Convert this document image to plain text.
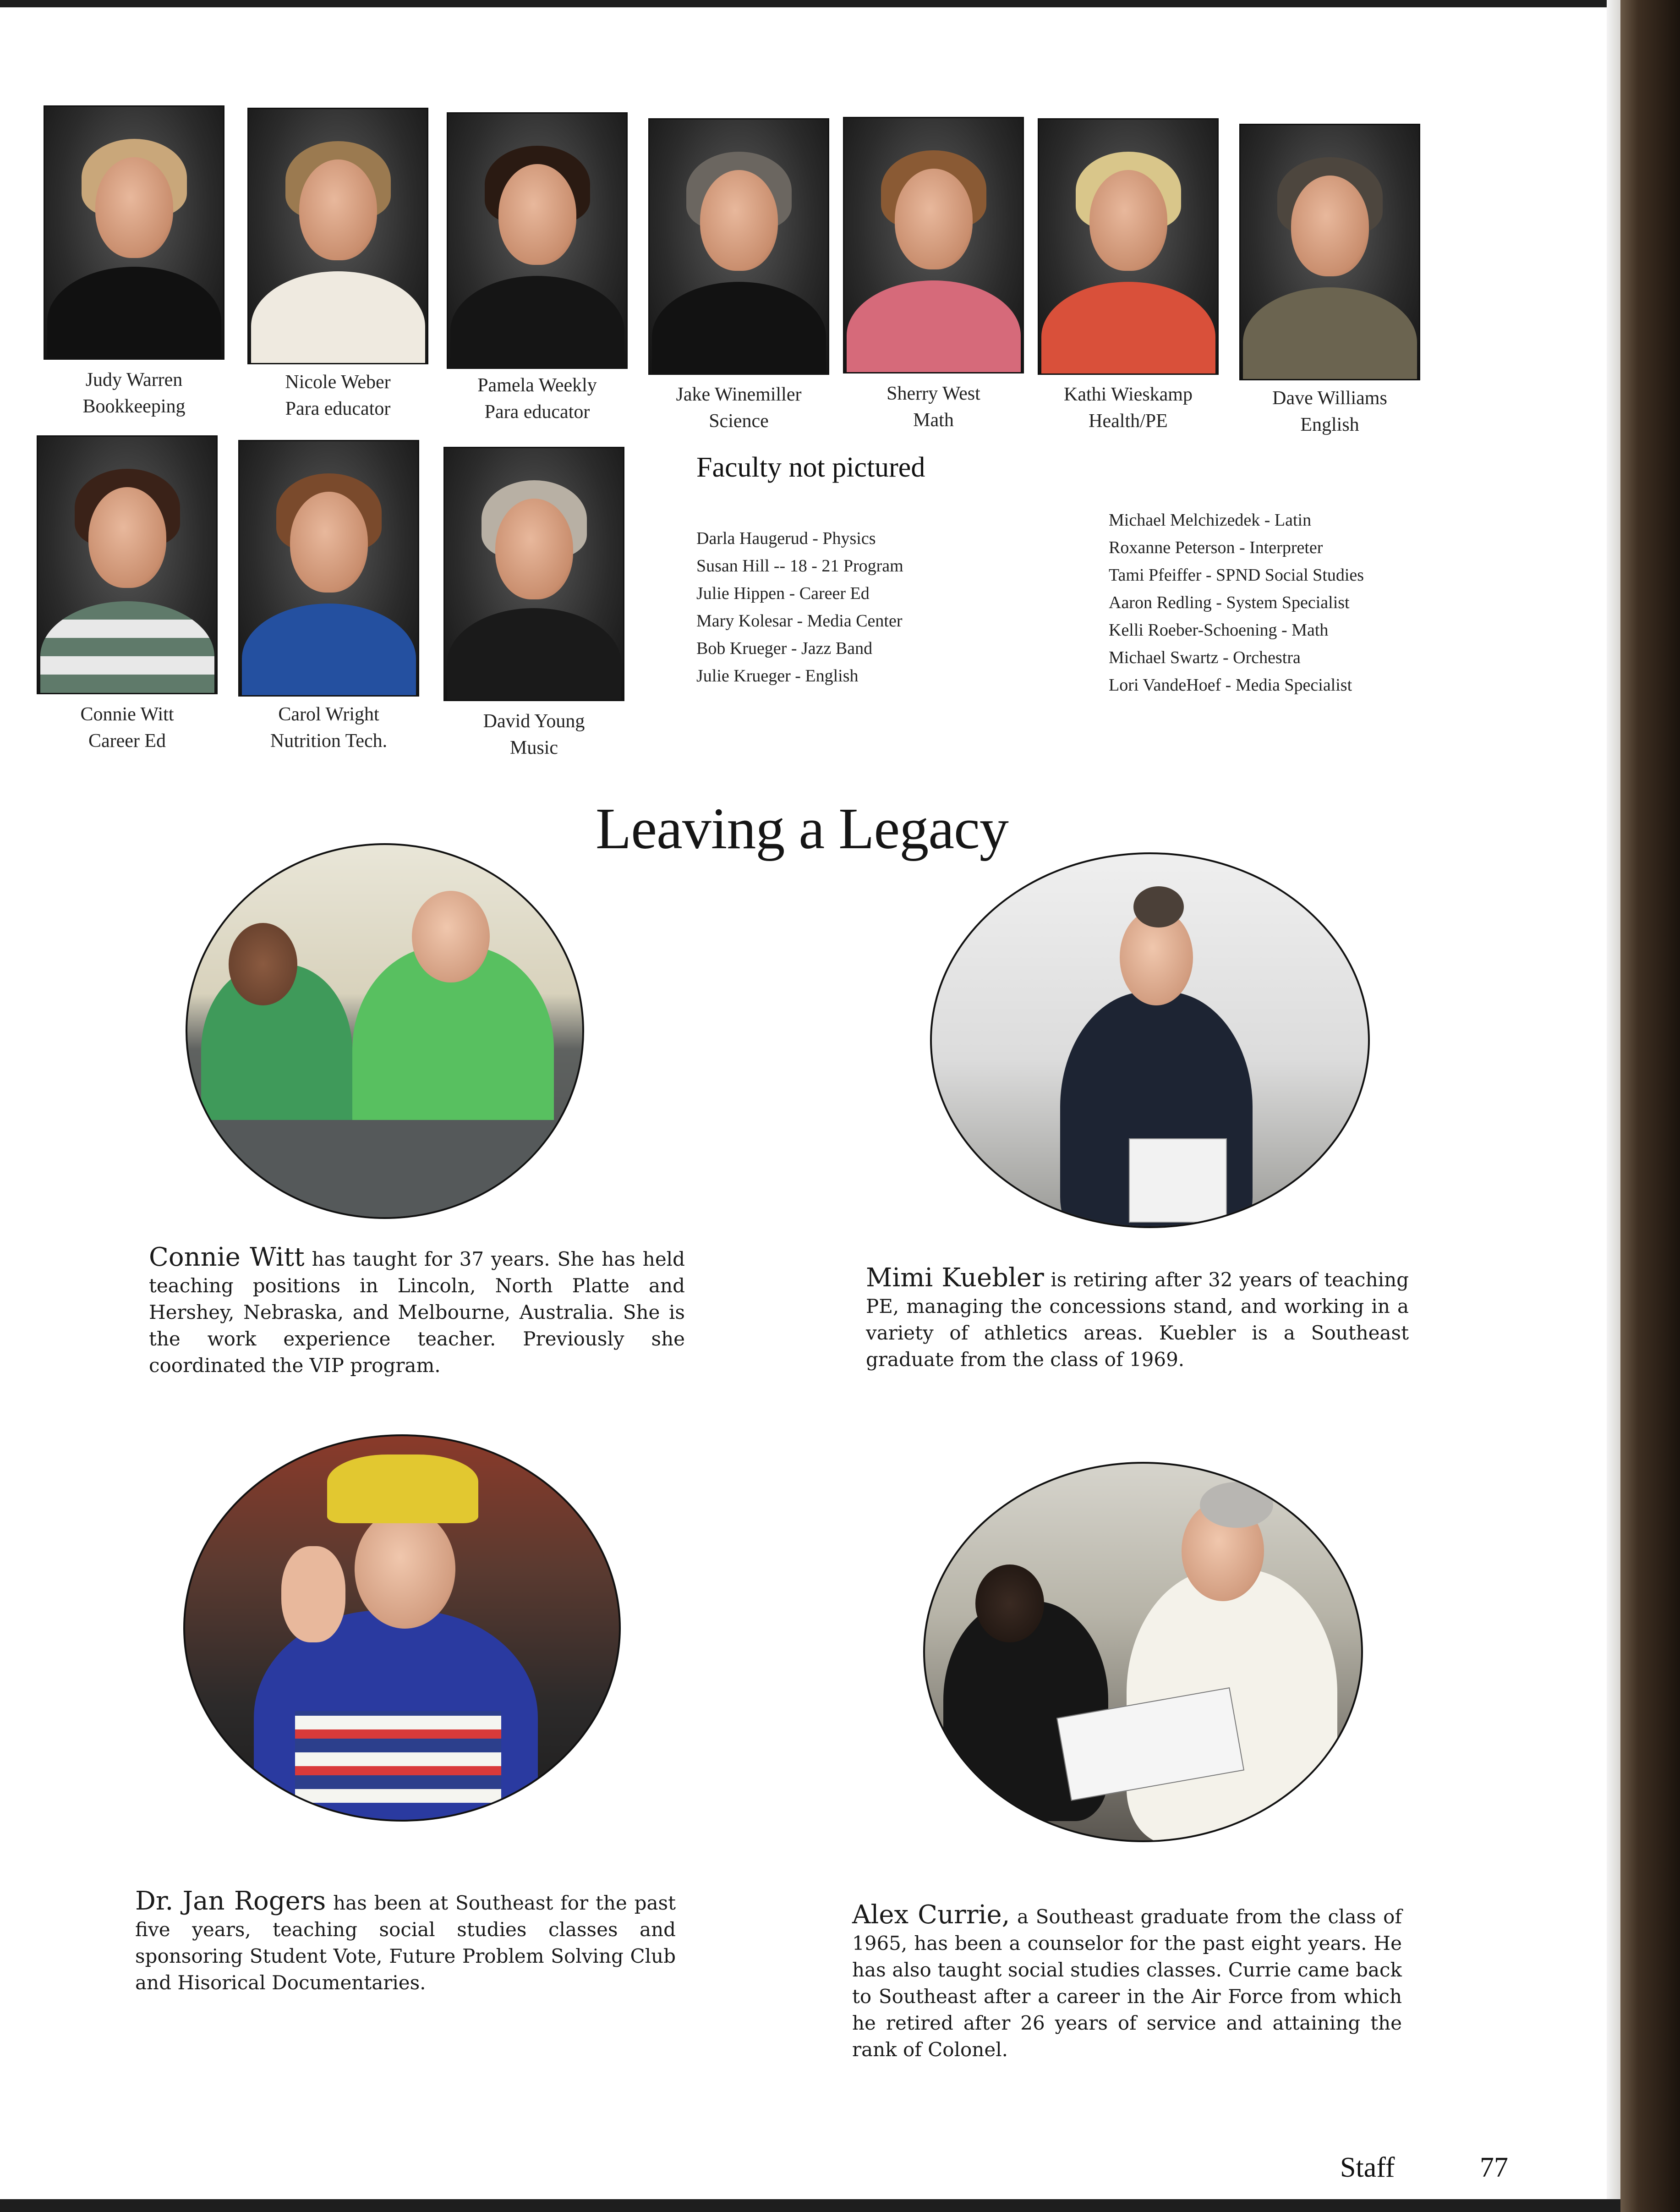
Judy Warren
Bookkeeping
Nicole Weber
Para educator
Pamela Weekly
Para educator
Jake Winemiller
Science
Sherry West
Math
Kathi Wieskamp
Health/PE
Dave Williams
English
Connie Witt
Career Ed
Carol Wright
Nutrition Tech.
David Young
Music
Faculty not pictured
Darla Haugerud - Physics
Susan Hill -- 18 - 21 Program
Julie Hippen - Career Ed
Mary Kolesar - Media Center
Bob Krueger - Jazz Band
Julie Krueger - English
Michael Melchizedek - Latin
Roxanne Peterson - Interpreter
Tami Pfeiffer - SPND Social Studies
Aaron Redling - System Specialist
Kelli Roeber-Schoening - Math
Michael Swartz - Orchestra
Lori VandeHoef - Media Specialist
Leaving a Legacy
Connie Witt has taught for 37 years. She has held teaching positions in Lincoln, North Platte and Hershey, Nebraska, and Melbourne, Australia. She is the work experience teacher. Previously she coordinated the VIP program.
Mimi Kuebler is retiring after 32 years of teaching PE, managing the concessions stand, and working in a variety of athletics areas. Kuebler is a Southeast graduate from the class of 1969.
Dr. Jan Rogers has been at Southeast for the past five years, teaching social studies classes and sponsoring Student Vote, Future Problem Solving Club and Hisorical Documentaries.
Alex Currie, a Southeast graduate from the class of 1965, has been a counselor for the past eight years. He has also taught social studies classes. Currie came back to Southeast after a career in the Air Force from which he retired after 26 years of service and attaining the rank of Colonel.
Staff	77
